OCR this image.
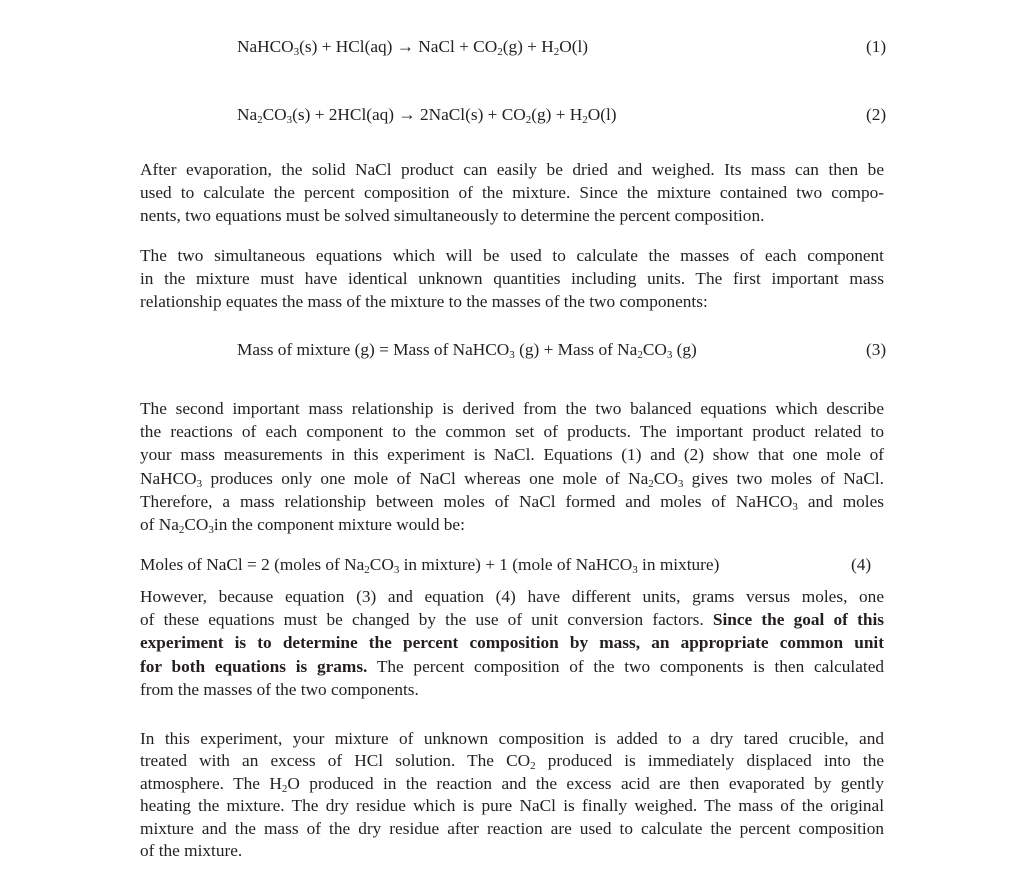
NaHCO$_3$(s) + HCl(aq) → NaCl + $CO_2(g) + H_2O(l)$	(1)
$Na_2CO_3(s) + 2HCl(aq)$ → 2NaCl(s) + $CO_2(g) + H_2O(l)$	(2)
After evaporation, the solid NaCl product can easily be dried and weighed. Its mass can then be
used to calculate the percent composition of the mixture. Since the mixture contained two compo-
nents, two equations must be solved simultaneously to determine the percent composition.
The two simultaneous equations which will be used to calculate the masses of each component
in the mixture must have identical unknown quantities including units. The first important mass
relationship equates the mass of the mixture to the masses of the two components:
Mass of mixture (g) = Mass of NaHCO$_3$ (g) + Mass of $Na_2CO_3$ (g)	(3)
The second important mass relationship is derived from the two balanced equations which describe
the reactions of each component to the common set of products. The important product related to
your mass measurements in this experiment is NaCl. Equations (1) and (2) show that one mole of
NaHCO$_3$ produces only one mole of NaCl whereas one mole of $Na_2CO_3$ gives two moles of NaCl.
Therefore, a mass relationship between moles of NaCl formed and moles of NaHCO$_3$ and moles
of $Na_2CO_3in$ the component mixture would be:
Moles of NaCl = 2 (moles of $Na_2CO_3$ in mixture) + 1 (mole of NaHCO$_3$ in mixture)	(4)
However, because equation (3) and equation (4) have different units, grams versus moles, one
of these equations must be changed by the use of unit conversion factors. Since the goal of this
experiment is to determine the percent composition by mass, an appropriate common unit
for both equations is grams. The percent composition of the two components is then calculated
from the masses of the two components.
In this experiment, your mixture of unknown composition is added to a dry tared crucible, and
treated with an excess of HCl solution. The $CO_2$ produced is immediately displaced into the
atmosphere. The $H_2O$ produced in the reaction and the excess acid are then evaporated by gently
heating the mixture. The dry residue which is pure NaCl is finally weighed. The mass of the original
mixture and the mass of the dry residue after reaction are used to calculate the percent composition
of the mixture.
